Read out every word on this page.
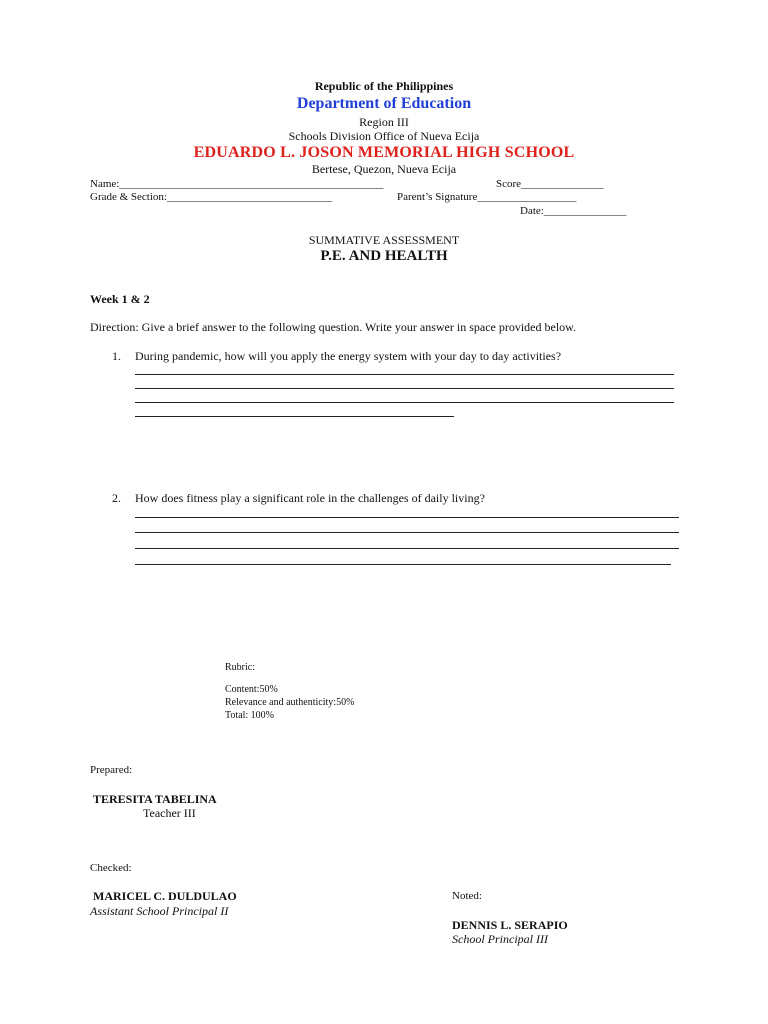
Republic of the Philippines
Department of Education
Region III
Schools Division Office of Nueva Ecija
EDUARDO L. JOSON MEMORIAL HIGH SCHOOL
Bertese, Quezon, Nueva Ecija
Name:________________________________________________	Score_______________
Grade & Section:______________________________	Parent’s Signature__________________
Date:_______________
SUMMATIVE ASSESSMENT
P.E. AND HEALTH
Week 1 & 2
Direction: Give a brief answer to the following question. Write your answer in space provided below.
1. During pandemic, how will you apply the energy system with your day to day activities?
2. How does fitness play a significant role in the challenges of daily living?
Rubric:
Content:50%
Relevance and authenticity:50%
Total: 100%
Prepared:
TERESITA TABELINA
Teacher III
Checked:
MARICEL C. DULDULAO
Assistant School Principal II
Noted:
DENNIS L. SERAPIO
School Principal III
